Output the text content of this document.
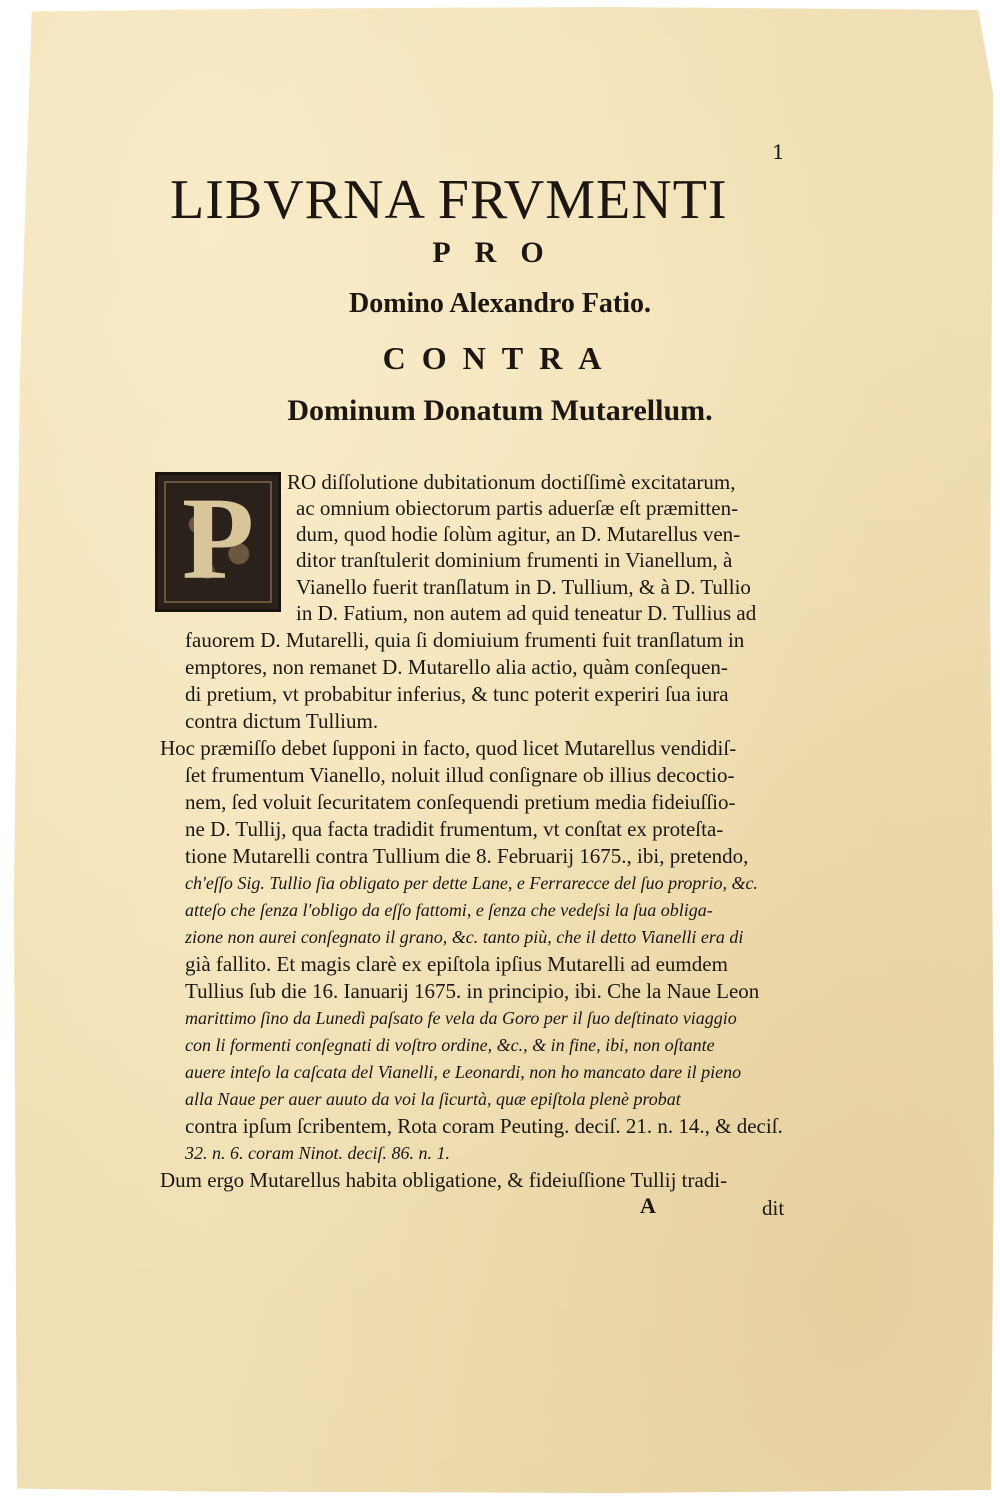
1
LIBVRNA FRVMENTI
PRO
Domino Alexandro Fatio.
CONTRA
Dominum Donatum Mutarellum.
P	RO diſſolutione dubitationum doctiſſimè excitatarum,
ac omnium obiectorum partis aduerſæ eſt præmitten-
dum, quod hodie ſolùm agitur, an D. Mutarellus ven-
ditor tranſtulerit dominium frumenti in Vianellum, à
Vianello fuerit tranſlatum in D. Tullium, & à D. Tullio
in D. Fatium, non autem ad quid teneatur D. Tullius ad
fauorem D. Mutarelli, quia ſi domiuium frumenti fuit tranſlatum in
emptores, non remanet D. Mutarello alia actio, quàm conſequen-
di pretium, vt probabitur inferius, & tunc poterit experiri ſua iura
contra dictum Tullium.
Hoc præmiſſo debet ſupponi in facto, quod licet Mutarellus vendidiſ-
ſet frumentum Vianello, noluit illud conſignare ob illius decoctio-
nem, ſed voluit ſecuritatem conſequendi pretium media fideiuſſio-
ne D. Tullij, qua facta tradidit frumentum, vt conſtat ex proteſta-
tione Mutarelli contra Tullium die 8. Februarij 1675., ibi, pretendo,
ch'eſſo Sig. Tullio ſia obligato per dette Lane, e Ferrarecce del ſuo proprio, &c.
atteſo che ſenza l'obligo da eſſo fattomi, e ſenza che vedeſsi la ſua obliga-
zione non aurei conſegnato il grano, &c. tanto più, che il detto Vianelli era di
già fallito. Et magis clarè ex epiſtola ipſius Mutarelli ad eumdem
Tullius ſub die 16. Ianuarij 1675. in principio, ibi. Che la Naue Leon
marittimo ſino da Lunedì paſsato fe vela da Goro per il ſuo deſtinato viaggio
con li formenti conſegnati di voſtro ordine, &c., & in fine, ibi, non oſtante
auere inteſo la caſcata del Vianelli, e Leonardi, non ho mancato dare il pieno
alla Naue per auer auuto da voi la ſicurtà, quæ epiſtola plenè probat
contra ipſum ſcribentem, Rota coram Peuting. deciſ. 21. n. 14., & deciſ.
32. n. 6. coram Ninot. deciſ. 86. n. 1.
Dum ergo Mutarellus habita obligatione, & fideiuſſione Tullij tradi-
A	dit
